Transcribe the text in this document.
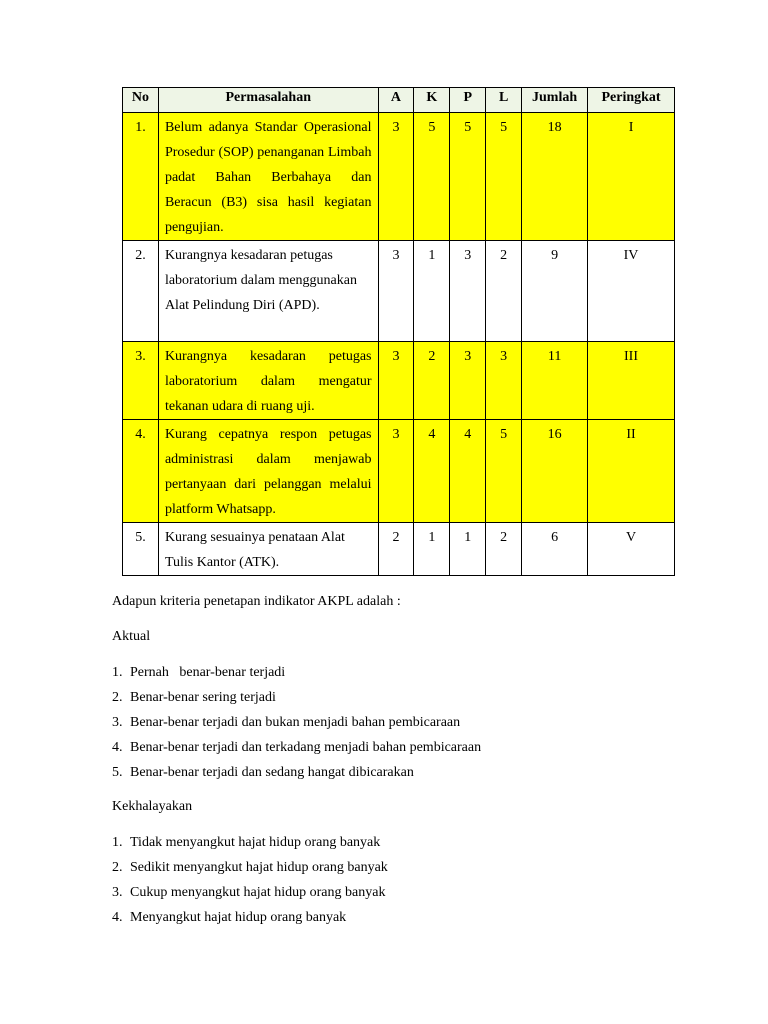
No	Permasalahan	A	K	P	L	Jumlah	Peringkat
1.	Belum adanya Standar Operasional Prosedur (SOP) penanganan Limbah padat Bahan Berbahaya dan Beracun (B3) sisa hasil kegiatan pengujian.	3	5	5	5	18	I
2.	Kurangnya kesadaran petugas laboratorium dalam menggunakan Alat Pelindung Diri (APD).	3	1	3	2	9	IV
3.	Kurangnya kesadaran petugas laboratorium dalam mengatur tekanan udara di ruang uji.	3	2	3	3	11	III
4.	Kurang cepatnya respon petugas administrasi dalam menjawab pertanyaan dari pelanggan melalui platform Whatsapp.	3	4	4	5	16	II
5.	Kurang sesuainya penataan Alat Tulis Kantor (ATK).	2	1	1	2	6	V
Adapun kriteria penetapan indikator AKPL adalah :
Aktual
1. Pernah   benar-benar terjadi
2. Benar-benar sering terjadi
3. Benar-benar terjadi dan bukan menjadi bahan pembicaraan
4. Benar-benar terjadi dan terkadang menjadi bahan pembicaraan
5. Benar-benar terjadi dan sedang hangat dibicarakan
Kekhalayakan
1. Tidak menyangkut hajat hidup orang banyak
2. Sedikit menyangkut hajat hidup orang banyak
3. Cukup menyangkut hajat hidup orang banyak
4. Menyangkut hajat hidup orang banyak
